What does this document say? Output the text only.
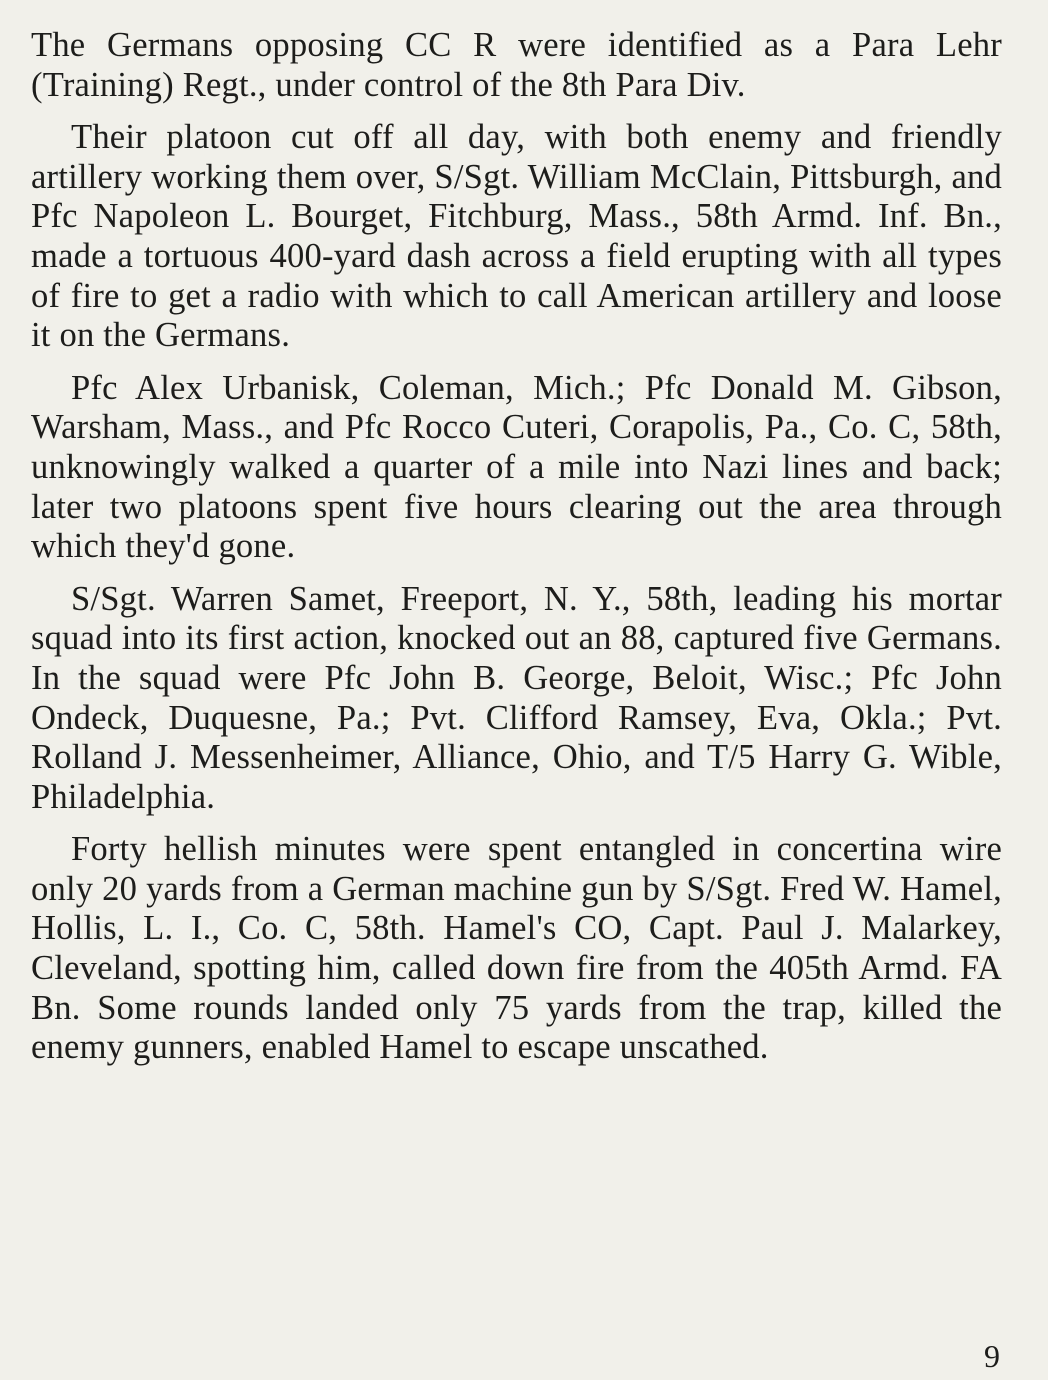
The Germans opposing CC R were identified as a Para Lehr (Training) Regt., under control of the 8th Para Div.

Their platoon cut off all day, with both enemy and friendly artillery working them over, S/Sgt. William McClain, Pittsburgh, and Pfc Napoleon L. Bourget, Fitchburg, Mass., 58th Armd. Inf. Bn., made a tortuous 400-yard dash across a field erupting with all types of fire to get a radio with which to call American artillery and loose it on the Germans.

Pfc Alex Urbanisk, Coleman, Mich.; Pfc Donald M. Gibson, Warsham, Mass., and Pfc Rocco Cuteri, Corapolis, Pa., Co. C, 58th, unknowingly walked a quarter of a mile into Nazi lines and back; later two platoons spent five hours clearing out the area through which they'd gone.

S/Sgt. Warren Samet, Freeport, N. Y., 58th, leading his mortar squad into its first action, knocked out an 88, captured five Germans. In the squad were Pfc John B. George, Beloit, Wisc.; Pfc John Ondeck, Duquesne, Pa.; Pvt. Clifford Ramsey, Eva, Okla.; Pvt. Rolland J. Messenheimer, Alliance, Ohio, and T/5 Harry G. Wible, Philadelphia.

Forty hellish minutes were spent entangled in concertina wire only 20 yards from a German machine gun by S/Sgt. Fred W. Hamel, Hollis, L. I., Co. C, 58th. Hamel's CO, Capt. Paul J. Malarkey, Cleveland, spotting him, called down fire from the 405th Armd. FA Bn. Some rounds landed only 75 yards from the trap, killed the enemy gunners, enabled Hamel to escape unscathed.

9
